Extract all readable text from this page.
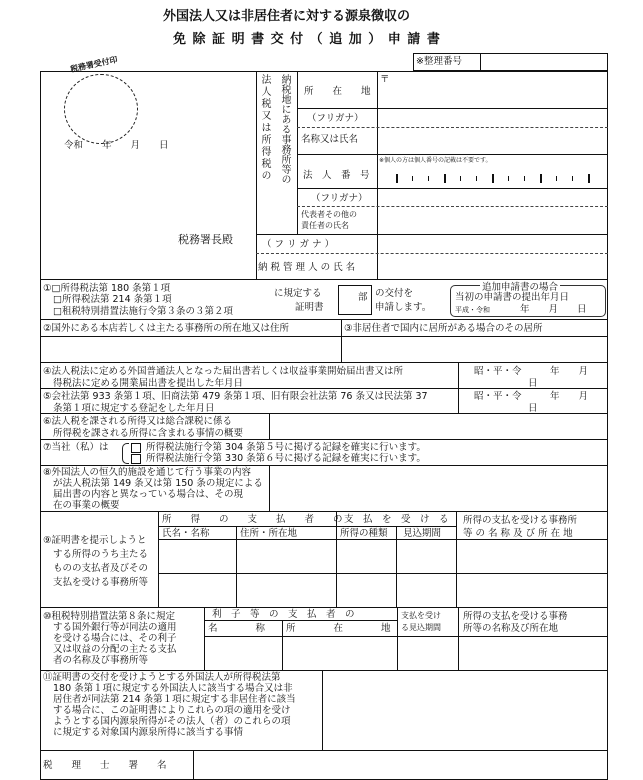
外国法人又は非居住者に対する源泉徴収の
免 除 証 明 書 交 付 （ 追 加 ） 申 請 書
※整理番号
税務署受付印
令和　　年　　月　　日
税務署長殿
法人税又は所得税の 納税地にある事務所等の 所　　在　　地
〒
（フリガナ）
名称又は氏名
※個人の方は個人番号の記載は不要です。
法　人　番　号
（フリガナ）
代表者その他の
責任者の氏名
（ フ リ ガ ナ ）
納 税 管 理 人 の 氏 名
①□所得税法第 180 条第１項
□所得税法第 214 条第１項
□租税特別措置法施行令第３条の３第２項
に規定する
証明書
部 の交付を
申請します。
追加申請書の場合
当初の申請書の提出年月日
平成・令和	年　　月　　日
②国外にある本店若しくは主たる事務所の所在地又は住所	③非居住者で国内に居所がある場合のその居所
④法人税法に定める外国普通法人となった届出書若しくは収益事業開始届出書又は所
得税法に定める開業届出書を提出した年月日
昭・平・令　　　年　　月
日
⑤会社法第 933 条第１項、旧商法第 479 条第１項、旧有限会社法第 76 条又は民法第 37
条第１項に規定する登記をした年月日
昭・平・令　　　年　　月
日
⑥法人税を課される所得又は総合課税に係る
所得税を課される所得に含まれる事情の概要
⑦当社（私）は	所得税法施行令第 304 条第５号に掲げる記録を確実に行います。
所得税法施行令第 330 条第６号に掲げる記録を確実に行います。
⑧外国法人の恒久的施設を通じて行う事業の内容
が法人税法第 149 条又は第 150 条の規定による
届出書の内容と異なっている場合は、その現
在の事業の概要
⑨証明書を提示しようと
する所得のうち主たる
ものの支払者及びその
支払を受ける事務所等
所　　得　　の　　支　　払　　者　　の
氏名・名称	住所・所在地
支　払　を　受　け　る
所得の種類 見込期間
所得の支払を受ける事務所
等 の 名 称 及 び 所 在 地
⑩租税特別措置法第８条に規定
する国外銀行等が同法の適用
を受ける場合には、その利子
又は収益の分配の主たる支払
者の名称及び事務所等
利　子　等　の　支　払　者　の
名　　　　称 所　　　　在　　　　地
支払を受け
る見込期間
所得の支払を受ける事務
所等の名称及び所在地
⑪証明書の交付を受けようとする外国法人が所得税法第
180 条第１項に規定する外国法人に該当する場合又は非
居住者が同法第 214 条第１項に規定する非居住者に該当
する場合に、この証明書によりこれらの項の適用を受け
ようとする国内源泉所得がその法人（者）のこれらの項
に規定する対象国内源泉所得に該当する事情
税　　理　　士　　署　　名
